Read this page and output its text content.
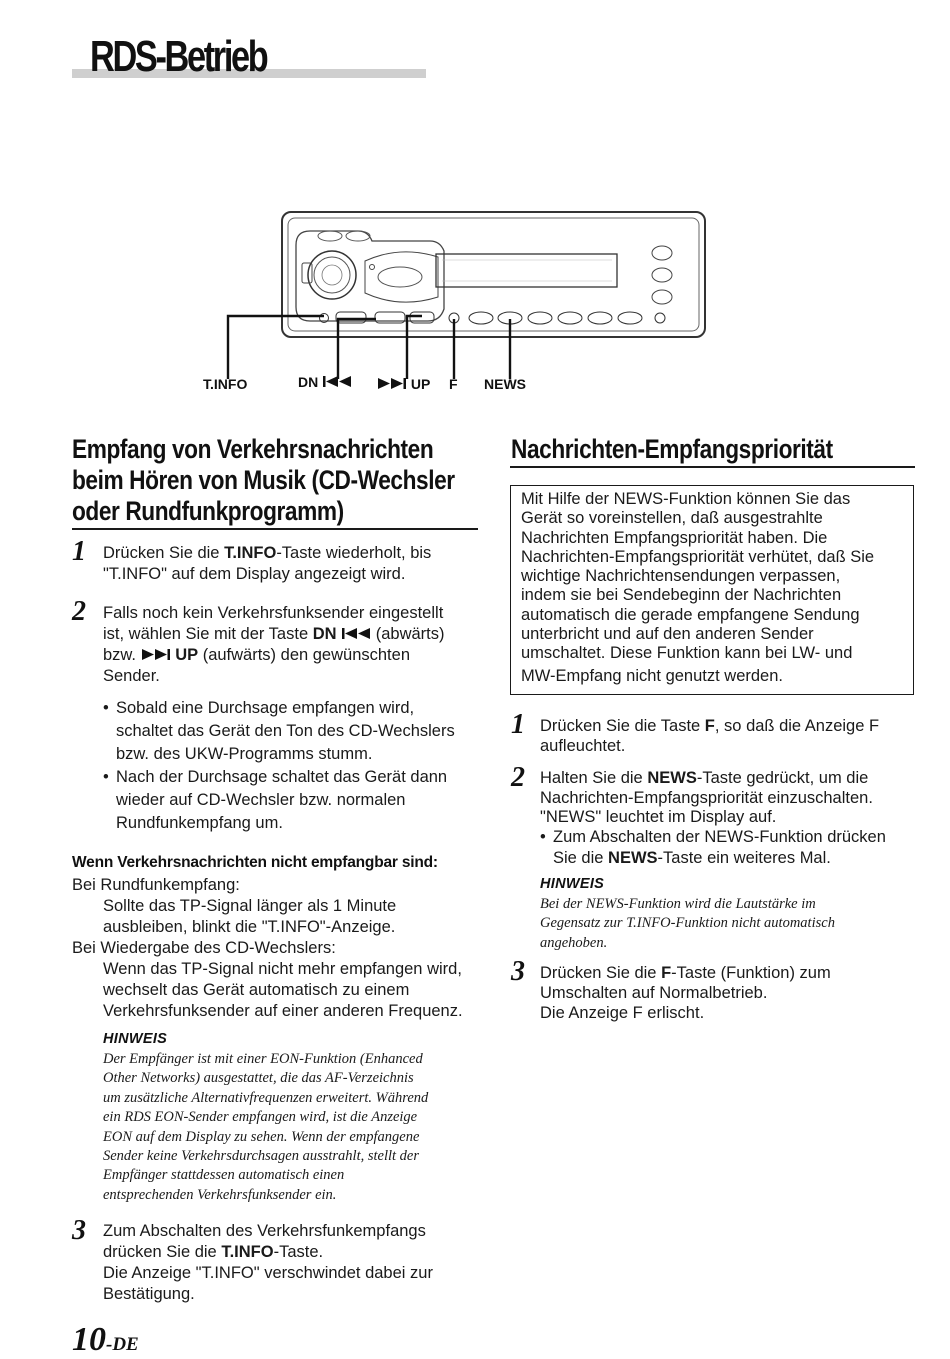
RDS-Betrieb
T.INFO	DN	UP F NEWS
Empfang von Verkehrsnachrichten
beim Hören von Musik (CD-Wechsler
oder Rundfunkprogramm)
1 Drücken Sie die T.INFO-Taste wiederholt, bis
"T.INFO" auf dem Display angezeigt wird.
2 Falls noch kein Verkehrsfunksender eingestellt
ist, wählen Sie mit der Taste DN  (abwärts)
bzw.  UP (aufwärts) den gewünschten
Sender.
• Sobald eine Durchsage empfangen wird,
schaltet das Gerät den Ton des CD-Wechslers
bzw. des UKW-Programms stumm.
• Nach der Durchsage schaltet das Gerät dann
wieder auf CD-Wechsler bzw. normalen
Rundfunkempfang um.
Wenn Verkehrsnachrichten nicht empfangbar sind:
Bei Rundfunkempfang:
Sollte das TP-Signal länger als 1 Minute
ausbleiben, blinkt die "T.INFO"-Anzeige.
Bei Wiedergabe des CD-Wechslers:
Wenn das TP-Signal nicht mehr empfangen wird,
wechselt das Gerät automatisch zu einem
Verkehrsfunksender auf einer anderen Frequenz.
HINWEIS
Der Empfänger ist mit einer EON-Funktion (Enhanced
Other Networks) ausgestattet, die das AF-Verzeichnis
um zusätzliche Alternativfrequenzen erweitert. Während
ein RDS EON-Sender empfangen wird, ist die Anzeige
EON auf dem Display zu sehen. Wenn der empfangene
Sender keine Verkehrsdurchsagen ausstrahlt, stellt der
Empfänger stattdessen automatisch einen
entsprechenden Verkehrsfunksender ein.
3 Zum Abschalten des Verkehrsfunkempfangs
drücken Sie die T.INFO-Taste.
Die Anzeige "T.INFO" verschwindet dabei zur
Bestätigung.
Nachrichten-Empfangspriorität
Mit Hilfe der NEWS-Funktion können Sie das
Gerät so voreinstellen, daß ausgestrahlte
Nachrichten Empfangspriorität haben. Die
Nachrichten-Empfangspriorität verhütet, daß Sie
wichtige Nachrichtensendungen verpassen,
indem sie bei Sendebeginn der Nachrichten
automatisch die gerade empfangene Sendung
unterbricht und auf den anderen Sender
umschaltet. Diese Funktion kann bei LW- und
MW-Empfang nicht genutzt werden.
1 Drücken Sie die Taste F, so daß die Anzeige F
aufleuchtet.
2 Halten Sie die NEWS-Taste gedrückt, um die
Nachrichten-Empfangspriorität einzuschalten.
"NEWS" leuchtet im Display auf.
• Zum Abschalten der NEWS-Funktion drücken
Sie die NEWS-Taste ein weiteres Mal.
HINWEIS
Bei der NEWS-Funktion wird die Lautstärke im
Gegensatz zur T.INFO-Funktion nicht automatisch
angehoben.
3 Drücken Sie die F-Taste (Funktion) zum
Umschalten auf Normalbetrieb.
Die Anzeige F erlischt.
10-DE
